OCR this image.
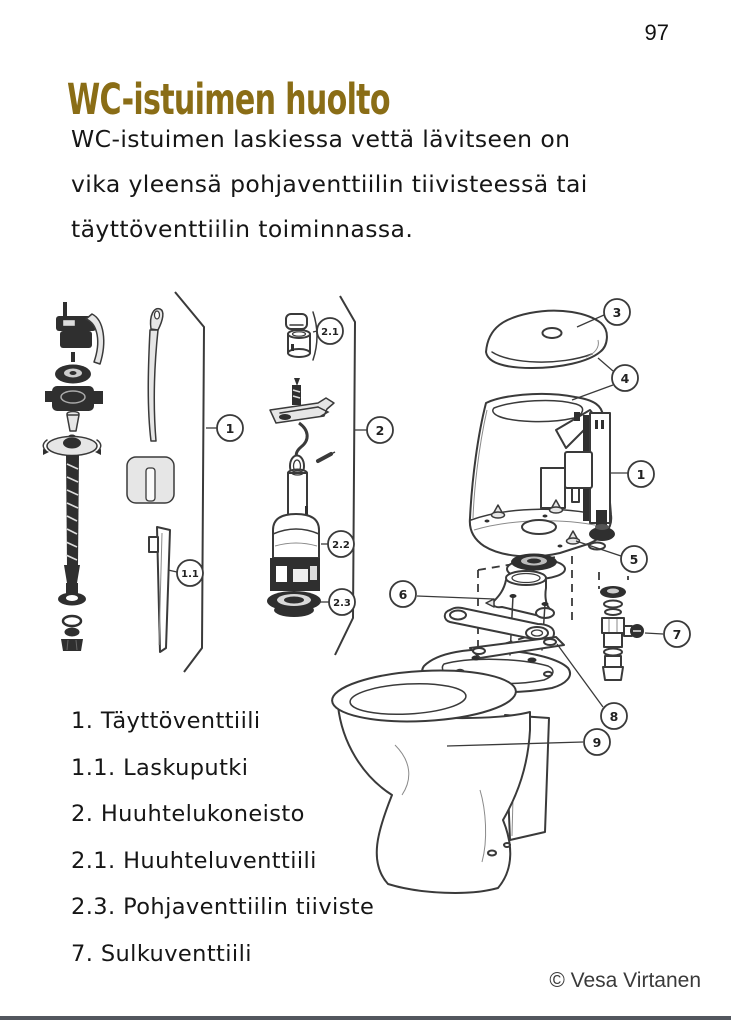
97
WC-istuimen huolto
WC-istuimen laskiessa vettä lävitseen on
vika yleensä pohjaventtiilin tiivisteessä tai
täyttöventtiilin toiminnassa.
1
1.1
2
2.1
2.2
2.3
3
4
1
5
6
7
8
9
1. Täyttöventtiili
1.1. Laskuputki
2. Huuhtelukoneisto
2.1. Huuhteluventtiili
2.3. Pohjaventtiilin tiiviste
7. Sulkuventtiili
© Vesa Virtanen
